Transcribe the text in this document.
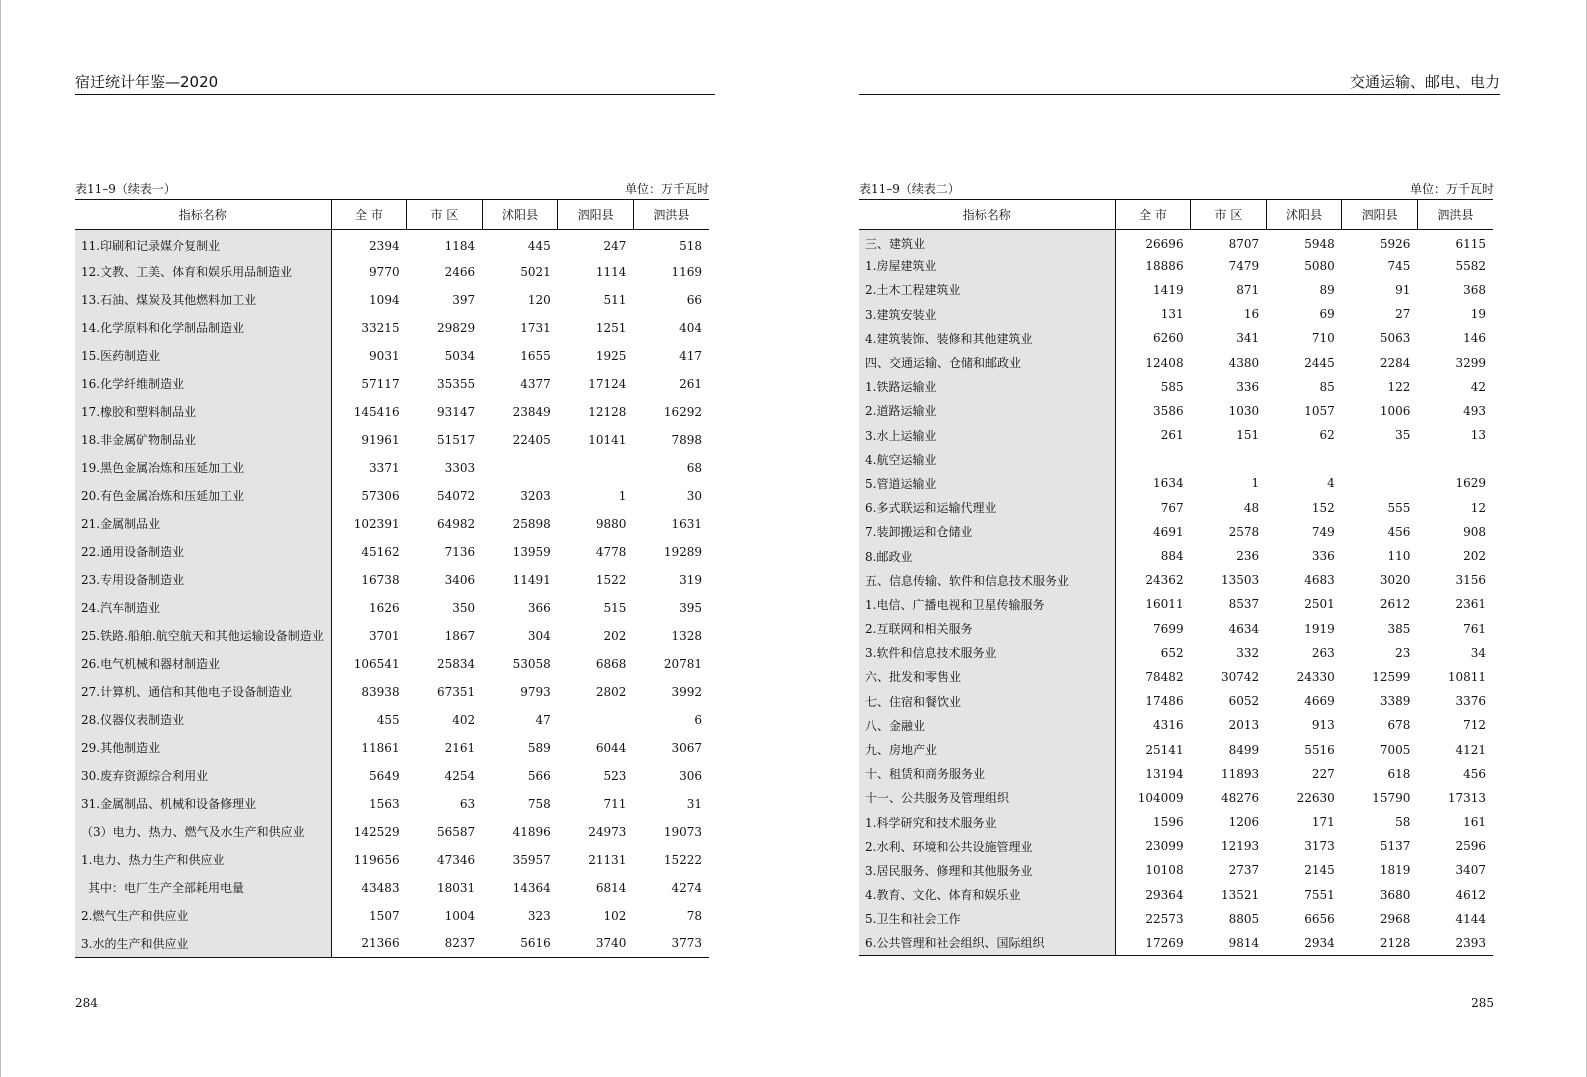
宿迁统计年鉴—2020
表11–9（续表一）	单位：万千瓦时
指标名称	全 市	市 区	沭阳县	泗阳县	泗洪县
11.印刷和记录媒介复制业	2394	1184	445	247	518
12.文教、工美、体育和娱乐用品制造业	9770	2466	5021	1114	1169
13.石油、煤炭及其他燃料加工业	1094	397	120	511	66
14.化学原料和化学制品制造业	33215	29829	1731	1251	404
15.医药制造业	9031	5034	1655	1925	417
16.化学纤维制造业	57117	35355	4377	17124	261
17.橡胶和塑料制品业	145416	93147	23849	12128	16292
18.非金属矿物制品业	91961	51517	22405	10141	7898
19.黑色金属冶炼和压延加工业	3371	3303			68
20.有色金属冶炼和压延加工业	57306	54072	3203	1	30
21.金属制品业	102391	64982	25898	9880	1631
22.通用设备制造业	45162	7136	13959	4778	19289
23.专用设备制造业	16738	3406	11491	1522	319
24.汽车制造业	1626	350	366	515	395
25.铁路.船舶.航空航天和其他运输设备制造业	3701	1867	304	202	1328
26.电气机械和器材制造业	106541	25834	53058	6868	20781
27.计算机、通信和其他电子设备制造业	83938	67351	9793	2802	3992
28.仪器仪表制造业	455	402	47		6
29.其他制造业	11861	2161	589	6044	3067
30.废弃资源综合利用业	5649	4254	566	523	306
31.金属制品、机械和设备修理业	1563	63	758	711	31
（3）电力、热力、燃气及水生产和供应业	142529	56587	41896	24973	19073
1.电力、热力生产和供应业	119656	47346	35957	21131	15222
其中：电厂生产全部耗用电量	43483	18031	14364	6814	4274
2.燃气生产和供应业	1507	1004	323	102	78
3.水的生产和供应业	21366	8237	5616	3740	3773
284
交通运输、邮电、电力
表11–9（续表二）	单位：万千瓦时
指标名称	全 市	市 区	沭阳县	泗阳县	泗洪县
三、建筑业	26696	8707	5948	5926	6115
1.房屋建筑业	18886	7479	5080	745	5582
2.土木工程建筑业	1419	871	89	91	368
3.建筑安装业	131	16	69	27	19
4.建筑装饰、装修和其他建筑业	6260	341	710	5063	146
四、交通运输、仓储和邮政业	12408	4380	2445	2284	3299
1.铁路运输业	585	336	85	122	42
2.道路运输业	3586	1030	1057	1006	493
3.水上运输业	261	151	62	35	13
4.航空运输业					
5.管道运输业	1634	1	4		1629
6.多式联运和运输代理业	767	48	152	555	12
7.装卸搬运和仓储业	4691	2578	749	456	908
8.邮政业	884	236	336	110	202
五、信息传输、软件和信息技术服务业	24362	13503	4683	3020	3156
1.电信、广播电视和卫星传输服务	16011	8537	2501	2612	2361
2.互联网和相关服务	7699	4634	1919	385	761
3.软件和信息技术服务业	652	332	263	23	34
六、批发和零售业	78482	30742	24330	12599	10811
七、住宿和餐饮业	17486	6052	4669	3389	3376
八、金融业	4316	2013	913	678	712
九、房地产业	25141	8499	5516	7005	4121
十、租赁和商务服务业	13194	11893	227	618	456
十一、公共服务及管理组织	104009	48276	22630	15790	17313
1.科学研究和技术服务业	1596	1206	171	58	161
2.水利、环境和公共设施管理业	23099	12193	3173	5137	2596
3.居民服务、修理和其他服务业	10108	2737	2145	1819	3407
4.教育、文化、体育和娱乐业	29364	13521	7551	3680	4612
5.卫生和社会工作	22573	8805	6656	2968	4144
6.公共管理和社会组织、国际组织	17269	9814	2934	2128	2393
285
